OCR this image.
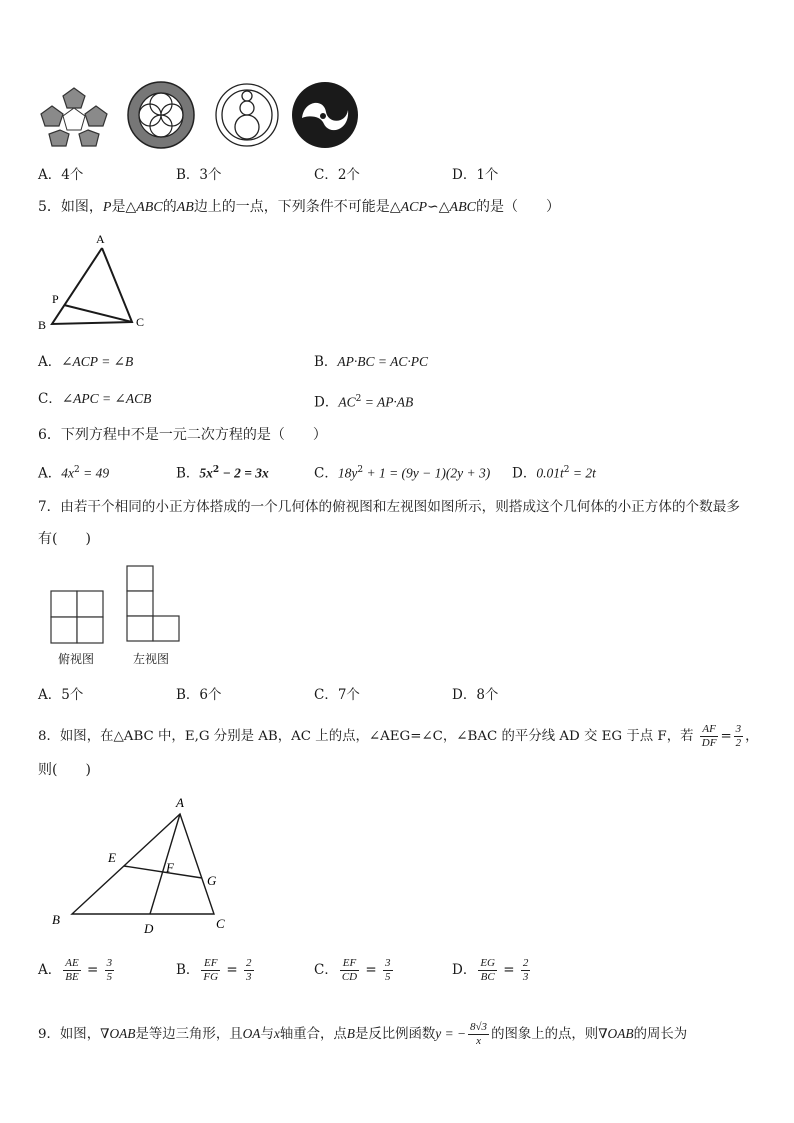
A．4个	B．3个	C．2个	D．1个
5．如图，P是△ABC的AB边上的一点，下列条件不可能是△ACP∽△ABC的是（　　）
A
P
B	C
A．∠ACP = ∠B	B．AP·BC = AC·PC
C．∠APC = ∠ACB	D．$AC^2 = AP\cdot AB$
6．下列方程中不是一元二次方程的是（　　）
A．$4x^2 = 49$	B．$5x^2 - 2 = 3x$	C．$18y^2 + 1 = (9y - 1)(2y + 3)$ D．$0.01t^2 = 2t$
7．由若干个相同的小正方体搭成的一个几何体的俯视图和左视图如图所示，则搭成这个几何体的小正方体的个数最多
有(　　)
俯视图	左视图
A．5个	B．6个	C．7个	D．8个
8．如图，在△ABC 中，E,G 分别是 AB，AC 上的点，∠AEG=∠C，∠BAC 的平分线 AD 交 EG 于点 F，若 $\frac{AF}{DF} = \frac{3}{2}$ ，
则(　　)
A
E
F
G
B
D	C
A． $\frac{AE}{BE} = \frac{3}{5}$	B． $\frac{EF}{FG} = \frac{2}{3}$	C． $\frac{EF}{CD} = \frac{3}{5}$	D． $\frac{EG}{BC} = \frac{2}{3}$
9．如图，∇OAB是等边三角形，且OA与x轴重合，点B是反比例函数y = − $\frac{8√3}{x}$ 的图象上的点，则∇OAB的周长为
